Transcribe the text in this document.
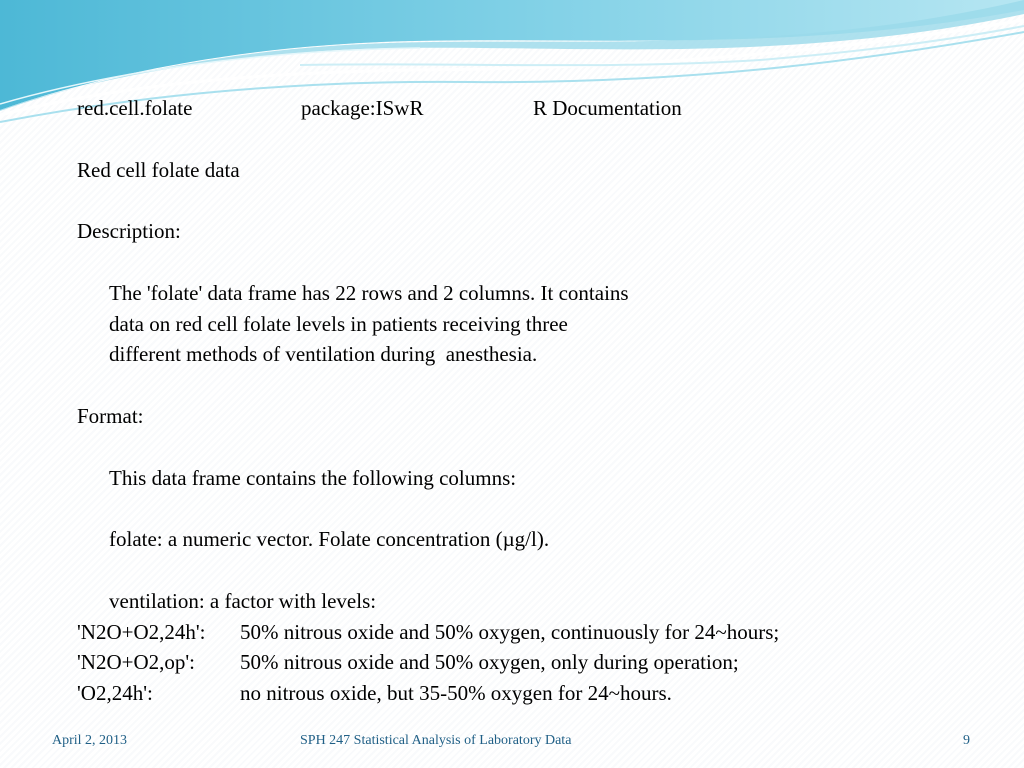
red.cell.folate	package:ISwR	R Documentation
Red cell folate data
Description:
The 'folate' data frame has 22 rows and 2 columns. It contains
data on red cell folate levels in patients receiving three
different methods of ventilation during  anesthesia.
Format:
This data frame contains the following columns:
folate: a numeric vector. Folate concentration (µg/l).
ventilation: a factor with levels:
'N2O+O2,24h': 50% nitrous oxide and 50% oxygen, continuously for 24~hours;
'N2O+O2,op': 50% nitrous oxide and 50% oxygen, only during operation;
'O2,24h':	no nitrous oxide, but 35-50% oxygen for 24~hours.
April 2, 2013	SPH 247 Statistical Analysis of Laboratory Data	9
